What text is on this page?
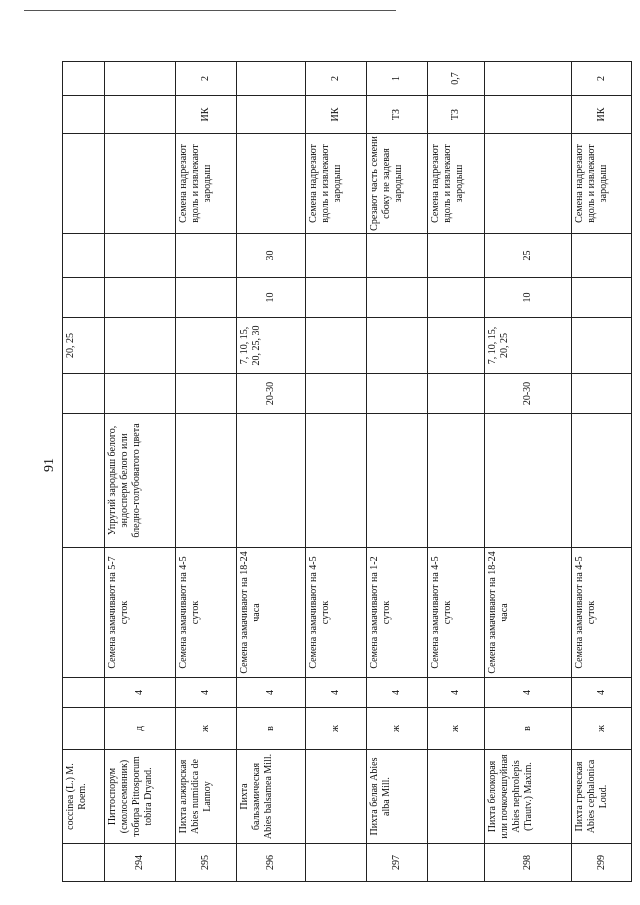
91
	coccinea (L.) M. Roem.						20, 25					
294	Питтоспорум (смолосемянник) тобира Pittosporum tobira Dryand.	д	4	Семена замачивают на 5-7 суток	Упругий зародыш белого, эндосперм белого или бледно-голубоватого цвета							
295	Пихта алжирская Abies numidica de Lannoy	ж	4	Семена замачивают на 4-5 суток						Семена надрезают вдоль и извлекают зародыш	ИК	2
296	Пихта бальзамическая Abies balsamea Mill.	в	4	Семена замачивают на 18-24 часа		20-30	7, 10, 15, 20, 25, 30	10	30			
		ж	4	Семена замачивают на 4-5 суток						Семена надрезают вдоль и извлекают зародыш	ИК	2
297	Пихта белая Abies alba Mill.	ж	4	Семена замачивают на 1-2 суток						Срезают часть семени сбоку не задевая зародыш	ТЗ	1
		ж	4	Семена замачивают на 4-5 суток						Семена надрезают вдоль и извлекают зародыш	ТЗ	0,7
298	Пихта белокорая или почкочешуйная Abies nephrolepis (Trautv.) Maxim.	в	4	Семена замачивают на 18-24 часа		20-30	7, 10, 15, 20, 25	10	25			
299	Пихта греческая Abies cephalonica Loud.	ж	4	Семена замачивают на 4-5 суток						Семена надрезают вдоль и извлекают зародыш	ИК	2
